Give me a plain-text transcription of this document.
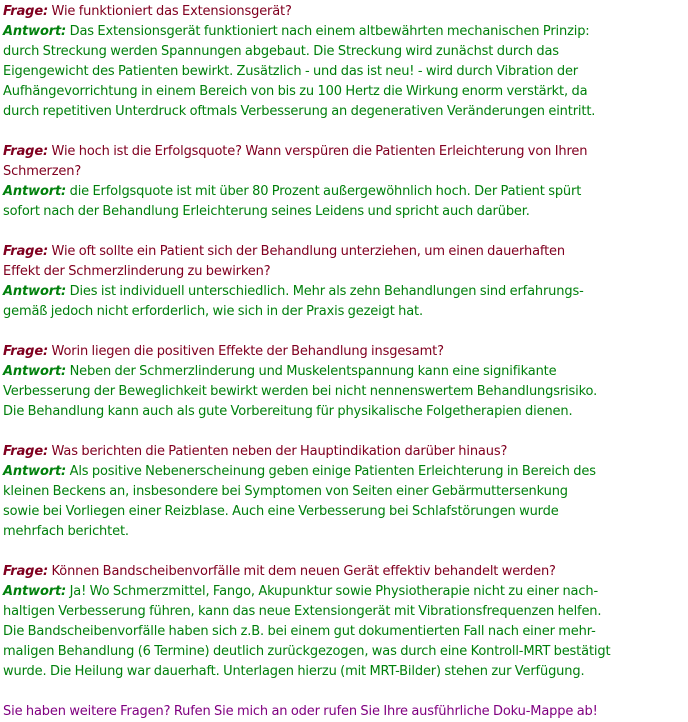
Frage: Wie funktioniert das Extensionsgerät?
Antwort: Das Extensionsgerät funktioniert nach einem altbewährten mechanischen Prinzip:
durch Streckung werden Spannungen abgebaut. Die Streckung wird zunächst durch das
Eigengewicht des Patienten bewirkt. Zusätzlich - und das ist neu! - wird durch Vibration der
Aufhängevorrichtung in einem Bereich von bis zu 100 Hertz die Wirkung enorm verstärkt, da
durch repetitiven Unterdruck oftmals Verbesserung an degenerativen Veränderungen eintritt.
Frage: Wie hoch ist die Erfolgsquote? Wann verspüren die Patienten Erleichterung von Ihren
Schmerzen?
Antwort: die Erfolgsquote ist mit über 80 Prozent außergewöhnlich hoch. Der Patient spürt
sofort nach der Behandlung Erleichterung seines Leidens und spricht auch darüber.
Frage: Wie oft sollte ein Patient sich der Behandlung unterziehen, um einen dauerhaften
Effekt der Schmerzlinderung zu bewirken?
Antwort: Dies ist individuell unterschiedlich. Mehr als zehn Behandlungen sind erfahrungs-
gemäß jedoch nicht erforderlich, wie sich in der Praxis gezeigt hat.
Frage: Worin liegen die positiven Effekte der Behandlung insgesamt?
Antwort: Neben der Schmerzlinderung und Muskelentspannung kann eine signifikante
Verbesserung der Beweglichkeit bewirkt werden bei nicht nennenswertem Behandlungsrisiko.
Die Behandlung kann auch als gute Vorbereitung für physikalische Folgetherapien dienen.
Frage: Was berichten die Patienten neben der Hauptindikation darüber hinaus?
Antwort: Als positive Nebenerscheinung geben einige Patienten Erleichterung in Bereich des
kleinen Beckens an, insbesondere bei Symptomen von Seiten einer Gebärmuttersenkung
sowie bei Vorliegen einer Reizblase. Auch eine Verbesserung bei Schlafstörungen wurde
mehrfach berichtet.
Frage: Können Bandscheibenvorfälle mit dem neuen Gerät effektiv behandelt werden?
Antwort: Ja! Wo Schmerzmittel, Fango, Akupunktur sowie Physiotherapie nicht zu einer nach-
haltigen Verbesserung führen, kann das neue Extensiongerät mit Vibrationsfrequenzen helfen.
Die Bandscheibenvorfälle haben sich z.B. bei einem gut dokumentierten Fall nach einer mehr-
maligen Behandlung (6 Termine) deutlich zurückgezogen, was durch eine Kontroll-MRT bestätigt
wurde. Die Heilung war dauerhaft. Unterlagen hierzu (mit MRT-Bilder) stehen zur Verfügung.
Sie haben weitere Fragen? Rufen Sie mich an oder rufen Sie Ihre ausführliche Doku-Mappe ab!
